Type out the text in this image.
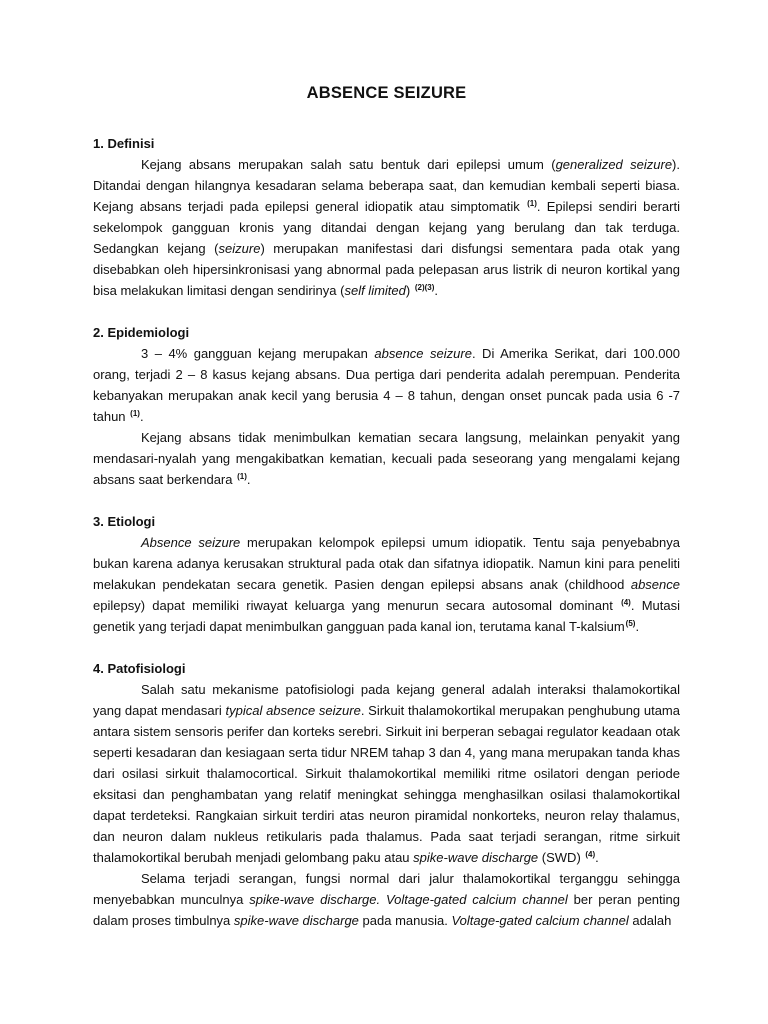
ABSENCE SEIZURE

1. Definisi

Kejang absans merupakan salah satu bentuk dari epilepsi umum (generalized seizure). Ditandai dengan hilangnya kesadaran selama beberapa saat, dan kemudian kembali seperti biasa. Kejang absans terjadi pada epilepsi general idiopatik atau simptomatik $^{(1)}$. Epilepsi sendiri berarti sekelompok gangguan kronis yang ditandai dengan kejang yang berulang dan tak terduga. Sedangkan kejang (seizure) merupakan manifestasi dari disfungsi sementara pada otak yang disebabkan oleh hipersinkronisasi yang abnormal pada pelepasan arus listrik di neuron kortikal yang bisa melakukan limitasi dengan sendirinya (self limited) $^{(2)(3)}$.

2. Epidemiologi

3 – 4% gangguan kejang merupakan absence seizure. Di Amerika Serikat, dari 100.000 orang, terjadi 2 – 8 kasus kejang absans. Dua pertiga dari penderita adalah perempuan. Penderita kebanyakan merupakan anak kecil yang berusia 4 – 8 tahun, dengan onset puncak pada usia 6 -7 tahun $^{(1)}$.

Kejang absans tidak menimbulkan kematian secara langsung, melainkan penyakit yang mendasari-nyalah yang mengakibatkan kematian, kecuali pada seseorang yang mengalami kejang absans saat berkendara $^{(1)}$.

3. Etiologi

Absence seizure merupakan kelompok epilepsi umum idiopatik. Tentu saja penyebabnya bukan karena adanya kerusakan struktural pada otak dan sifatnya idiopatik. Namun kini para peneliti melakukan pendekatan secara genetik. Pasien dengan epilepsi absans anak (childhood absence epilepsy) dapat memiliki riwayat keluarga yang menurun secara autosomal dominant $^{(4)}$. Mutasi genetik yang terjadi dapat menimbulkan gangguan pada kanal ion, terutama kanal T-kalsium$^{(5)}$.

4. Patofisiologi

Salah satu mekanisme patofisiologi pada kejang general adalah interaksi thalamokortikal yang dapat mendasari typical absence seizure. Sirkuit thalamokortikal merupakan penghubung utama antara sistem sensoris perifer dan korteks serebri. Sirkuit ini berperan sebagai regulator keadaan otak seperti kesadaran dan kesiagaan serta tidur NREM tahap 3 dan 4, yang mana merupakan tanda khas dari osilasi sirkuit thalamocortical. Sirkuit thalamokortikal memiliki ritme osilatori dengan periode eksitasi dan penghambatan yang relatif meningkat sehingga menghasilkan osilasi thalamokortikal dapat terdeteksi. Rangkaian sirkuit terdiri atas neuron piramidal nonkorteks, neuron relay thalamus, dan neuron dalam nukleus retikularis pada thalamus. Pada saat terjadi serangan, ritme sirkuit thalamokortikal berubah menjadi gelombang paku atau spike-wave discharge (SWD) $^{(4)}$.

Selama terjadi serangan, fungsi normal dari jalur thalamokortikal terganggu sehingga menyebabkan munculnya spike-wave discharge. Voltage-gated calcium channel ber peran penting dalam proses timbulnya spike-wave discharge pada manusia. Voltage-gated calcium channel adalah
